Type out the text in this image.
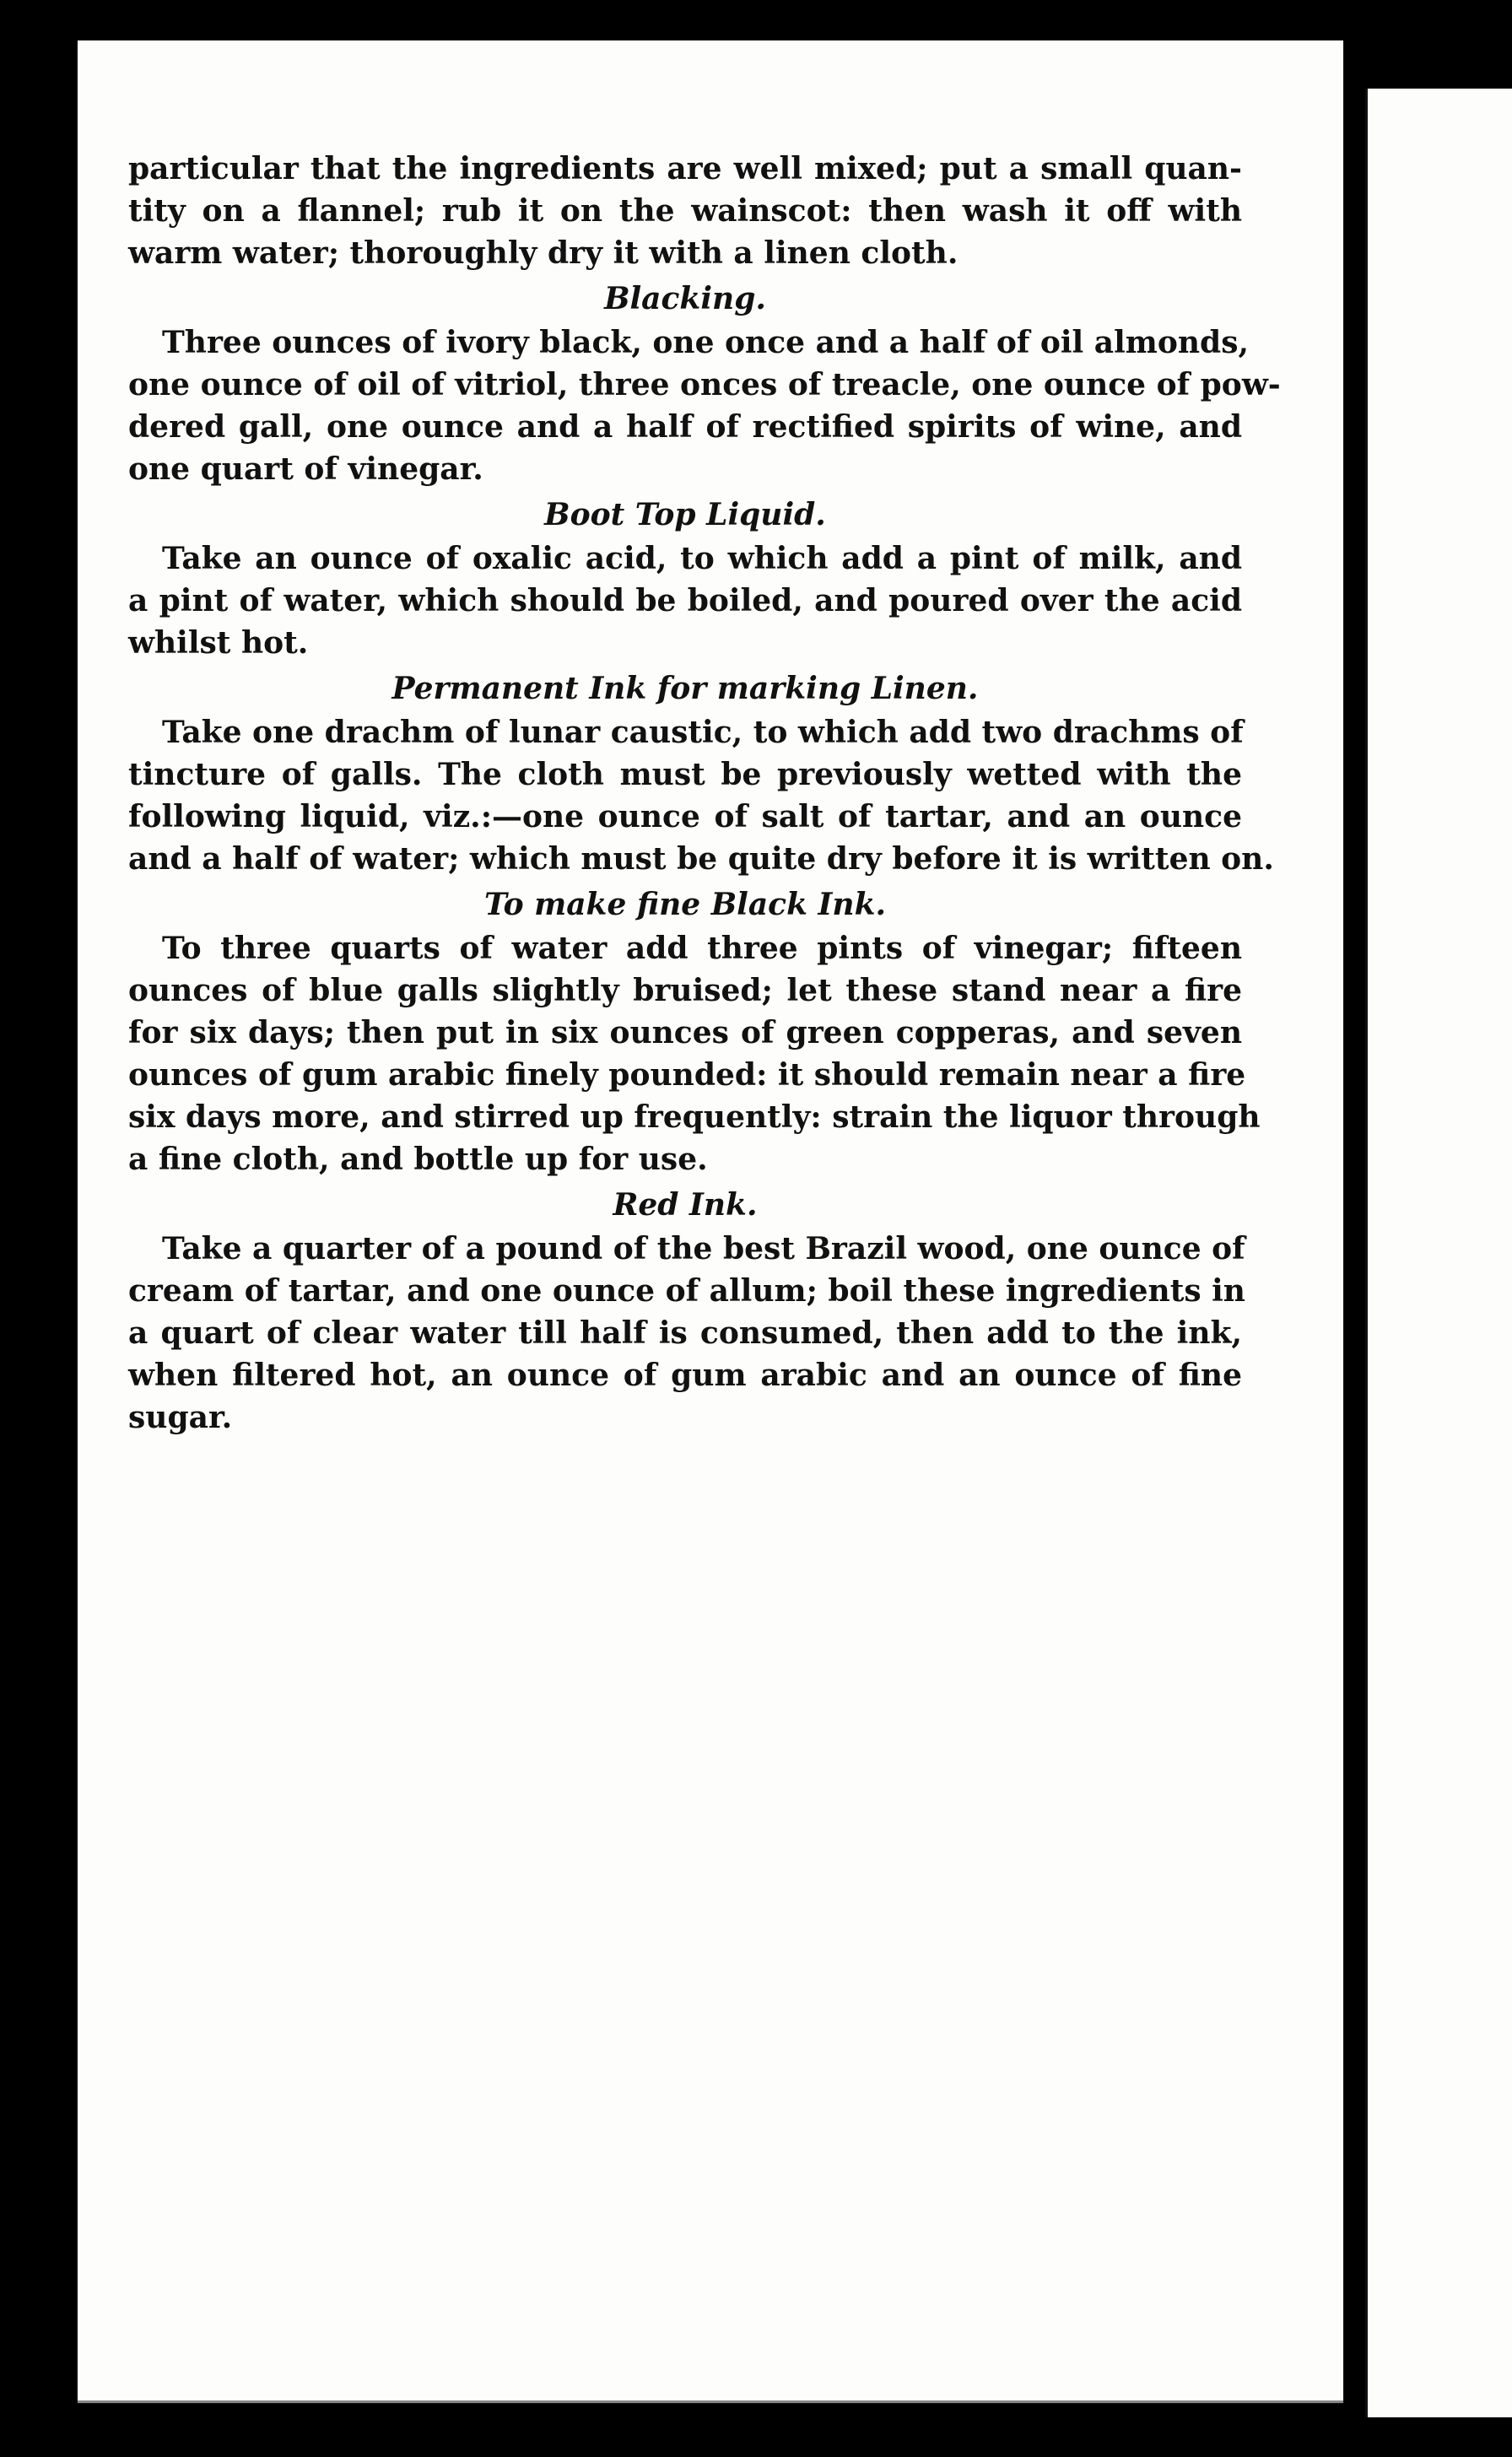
particular that the ingredients are well mixed; put a small quan-
tity on a flannel; rub it on the wainscot: then wash it off with
warm water; thoroughly dry it with a linen cloth.

Blacking.

Three ounces of ivory black, one once and a half of oil almonds,
one ounce of oil of vitriol, three onces of treacle, one ounce of pow-
dered gall, one ounce and a half of rectified spirits of wine, and
one quart of vinegar.

Boot Top Liquid.

Take an ounce of oxalic acid, to which add a pint of milk, and
a pint of water, which should be boiled, and poured over the acid
whilst hot.

Permanent Ink for marking Linen.

Take one drachm of lunar caustic, to which add two drachms of
tincture of galls. The cloth must be previously wetted with the
following liquid, viz.:—one ounce of salt of tartar, and an ounce
and a half of water; which must be quite dry before it is written on.

To make fine Black Ink.

To three quarts of water add three pints of vinegar; fifteen
ounces of blue galls slightly bruised; let these stand near a fire
for six days; then put in six ounces of green copperas, and seven
ounces of gum arabic finely pounded: it should remain near a fire
six days more, and stirred up frequently: strain the liquor through
a fine cloth, and bottle up for use.

Red Ink.

Take a quarter of a pound of the best Brazil wood, one ounce of
cream of tartar, and one ounce of allum; boil these ingredients in
a quart of clear water till half is consumed, then add to the ink,
when filtered hot, an ounce of gum arabic and an ounce of fine
sugar.
